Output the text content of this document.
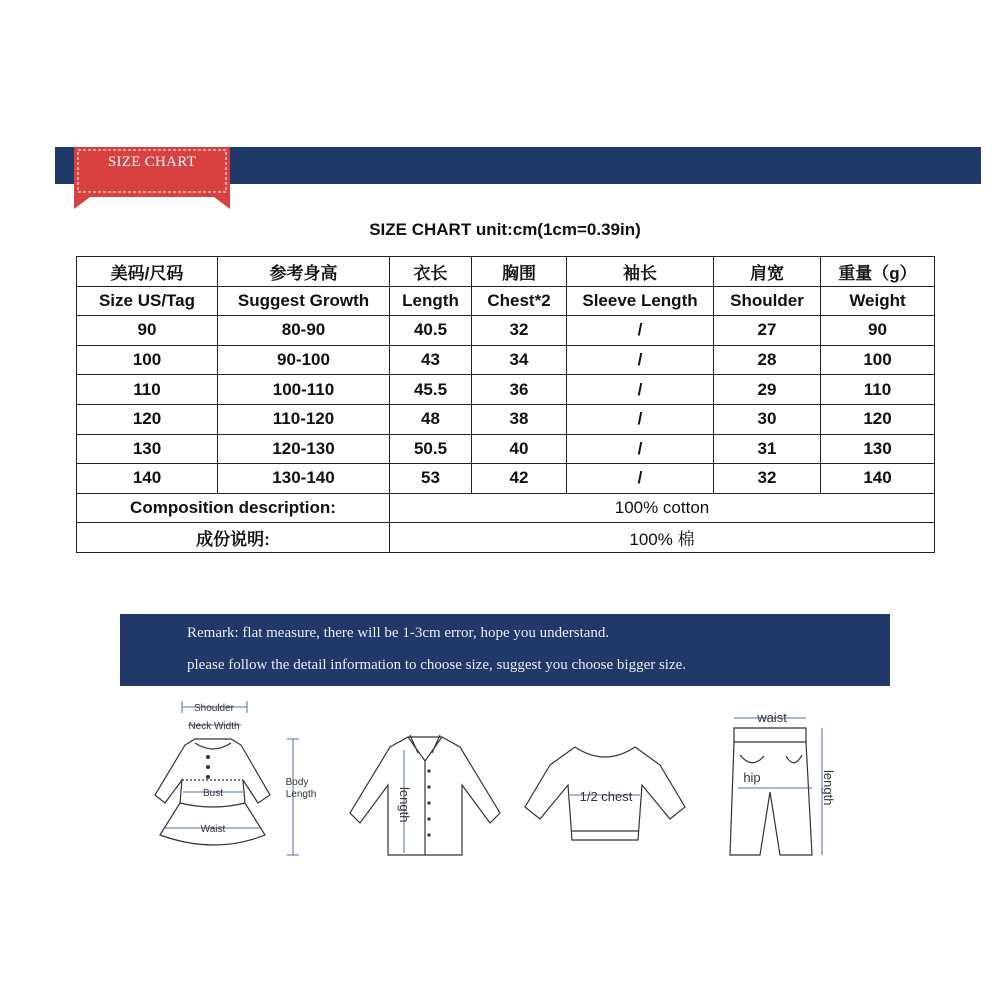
SIZE CHART
SIZE CHART unit:cm(1cm=0.39in)
美码/尺码	参考身高	衣长	胸围	袖长	肩宽	重量（g）
Size US/Tag	Suggest Growth	Length	Chest*2	Sleeve Length	Shoulder	Weight
90	80-90	40.5	32	/	27	90
100	90-100	43	34	/	28	100
110	100-110	45.5	36	/	29	110
120	110-120	48	38	/	30	120
130	120-130	50.5	40	/	31	130
140	130-140	53	42	/	32	140
Composition description:		100% cotton				
成份说明:		100% 棉				
Remark: flat measure, there will be 1-3cm error, hope you understand.
please follow the detail information to choose size, suggest you choose bigger size.
Shoulder
Neck Width
Bust
Waist
Body
Length	length	1/2 chest
waist
hip	length
